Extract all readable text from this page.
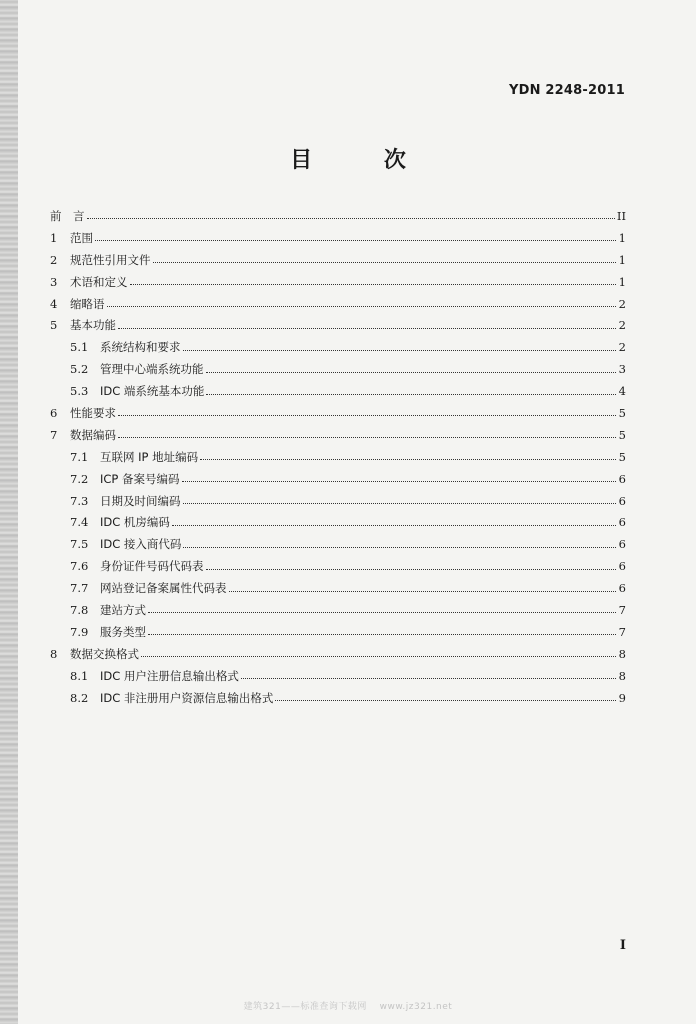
YDN 2248-2011
目 次
前　言	II
1	范围	1
2	规范性引用文件	1
3	术语和定义	1
4	缩略语	2
5	基本功能	2
5.1	系统结构和要求	2
5.2	管理中心端系统功能	3
5.3	IDC 端系统基本功能	4
6	性能要求	5
7	数据编码	5
7.1	互联网 IP 地址编码	5
7.2	ICP 备案号编码	6
7.3	日期及时间编码	6
7.4	IDC 机房编码	6
7.5	IDC 接入商代码	6
7.6	身份证件号码代码表	6
7.7	网站登记备案属性代码表	6
7.8	建站方式	7
7.9	服务类型	7
8	数据交换格式	8
8.1	IDC 用户注册信息输出格式	8
8.2	IDC 非注册用户资源信息输出格式	9
I
建筑321——标准查询下载网　 www.jz321.net
